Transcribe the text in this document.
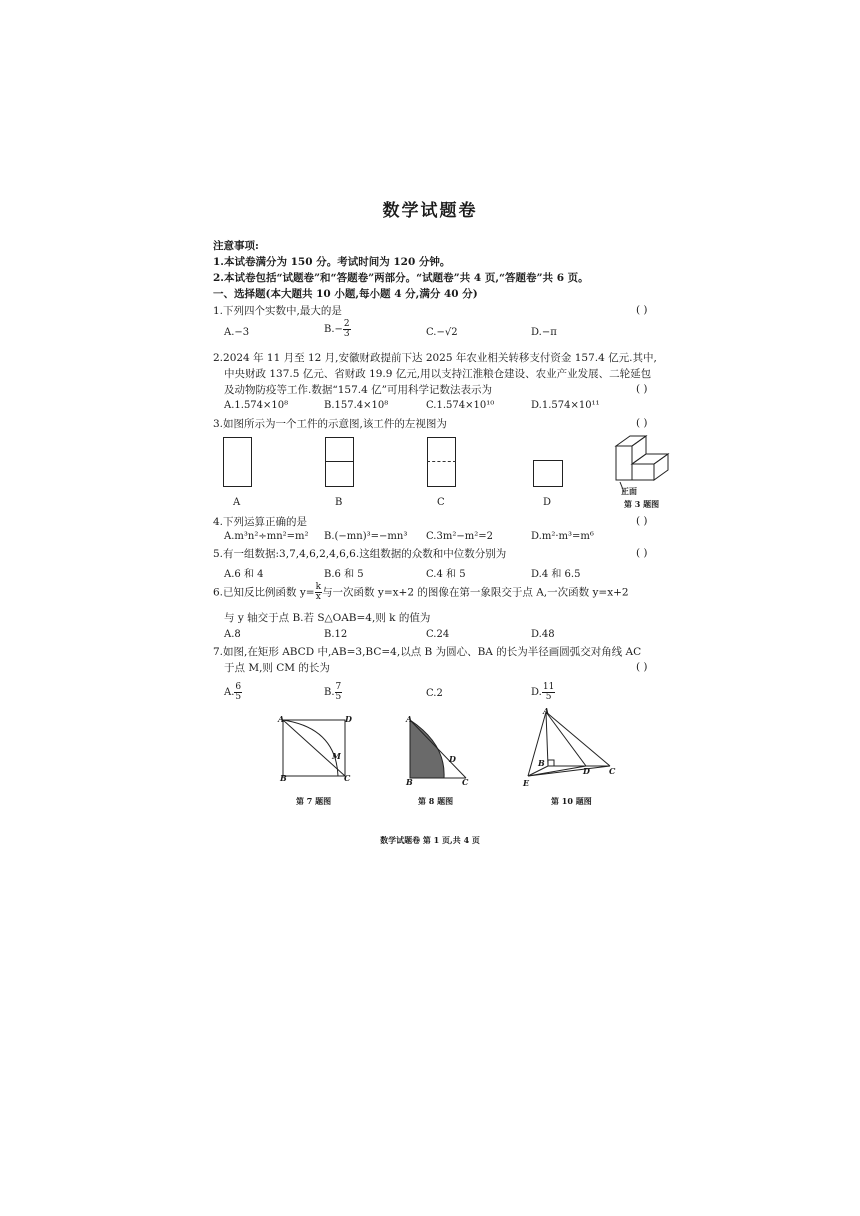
数学试题卷
注意事项:
1.本试卷满分为 150 分。考试时间为 120 分钟。
2.本试卷包括“试题卷”和“答题卷”两部分。“试题卷”共 4 页,“答题卷”共 6 页。
一、选择题(本大题共 10 小题,每小题 4 分,满分 40 分)
1.下列四个实数中,最大的是	( )
A.−3	$B.- \frac{2}{3}$	C.−√2	D.−π
2.2024 年 11 月至 12 月,安徽财政提前下达 2025 年农业相关转移支付资金 157.4 亿元.其中,
中央财政 137.5 亿元、省财政 19.9 亿元,用以支持江淮粮仓建设、农业产业发展、二轮延包
及动物防疫等工作.数据“157.4 亿”可用科学记数法表示为	( )
A.1.574×10⁸	B.157.4×10⁸	C.1.574×10¹⁰	D.1.574×10¹¹
3.如图所示为一个工件的示意图,该工件的左视图为	( )
A	B	C	D
正面
第 3 题图
4.下列运算正确的是	( )
A.m³n²÷mn²=m² B.(−mn)³=−mn³ C.3m²−m²=2	D.m²·m³=m⁶
5.有一组数据:3,7,4,6,2,4,6,6.这组数据的众数和中位数分别为	( )
A.6 和 4	B.6 和 5	C.4 和 5	D.4 和 6.5
6.已知反比例函数 $y= \frac{k}{x}$ 与一次函数 y=x+2 的图像在第一象限交于点 A,一次函数 y=x+2
与 y 轴交于点 B.若 S△OAB=4,则 k 的值为
A.8	B.12	C.24	D.48
7.如图,在矩形 ABCD 中,AB=3,BC=4,以点 B 为圆心、BA 的长为半径画圆弧交对角线 AC
于点 M,则 CM 的长为	( )
A. $\frac{6}{5}$	B. $\frac{7}{5}$	C.2	D. $\frac{11}{5}$
A	D
B	C
M
第 7 题图
A
B	C
D
第 8 题图
A
B
D C
E
第 10 题图
数学试题卷 第 1 页,共 4 页
